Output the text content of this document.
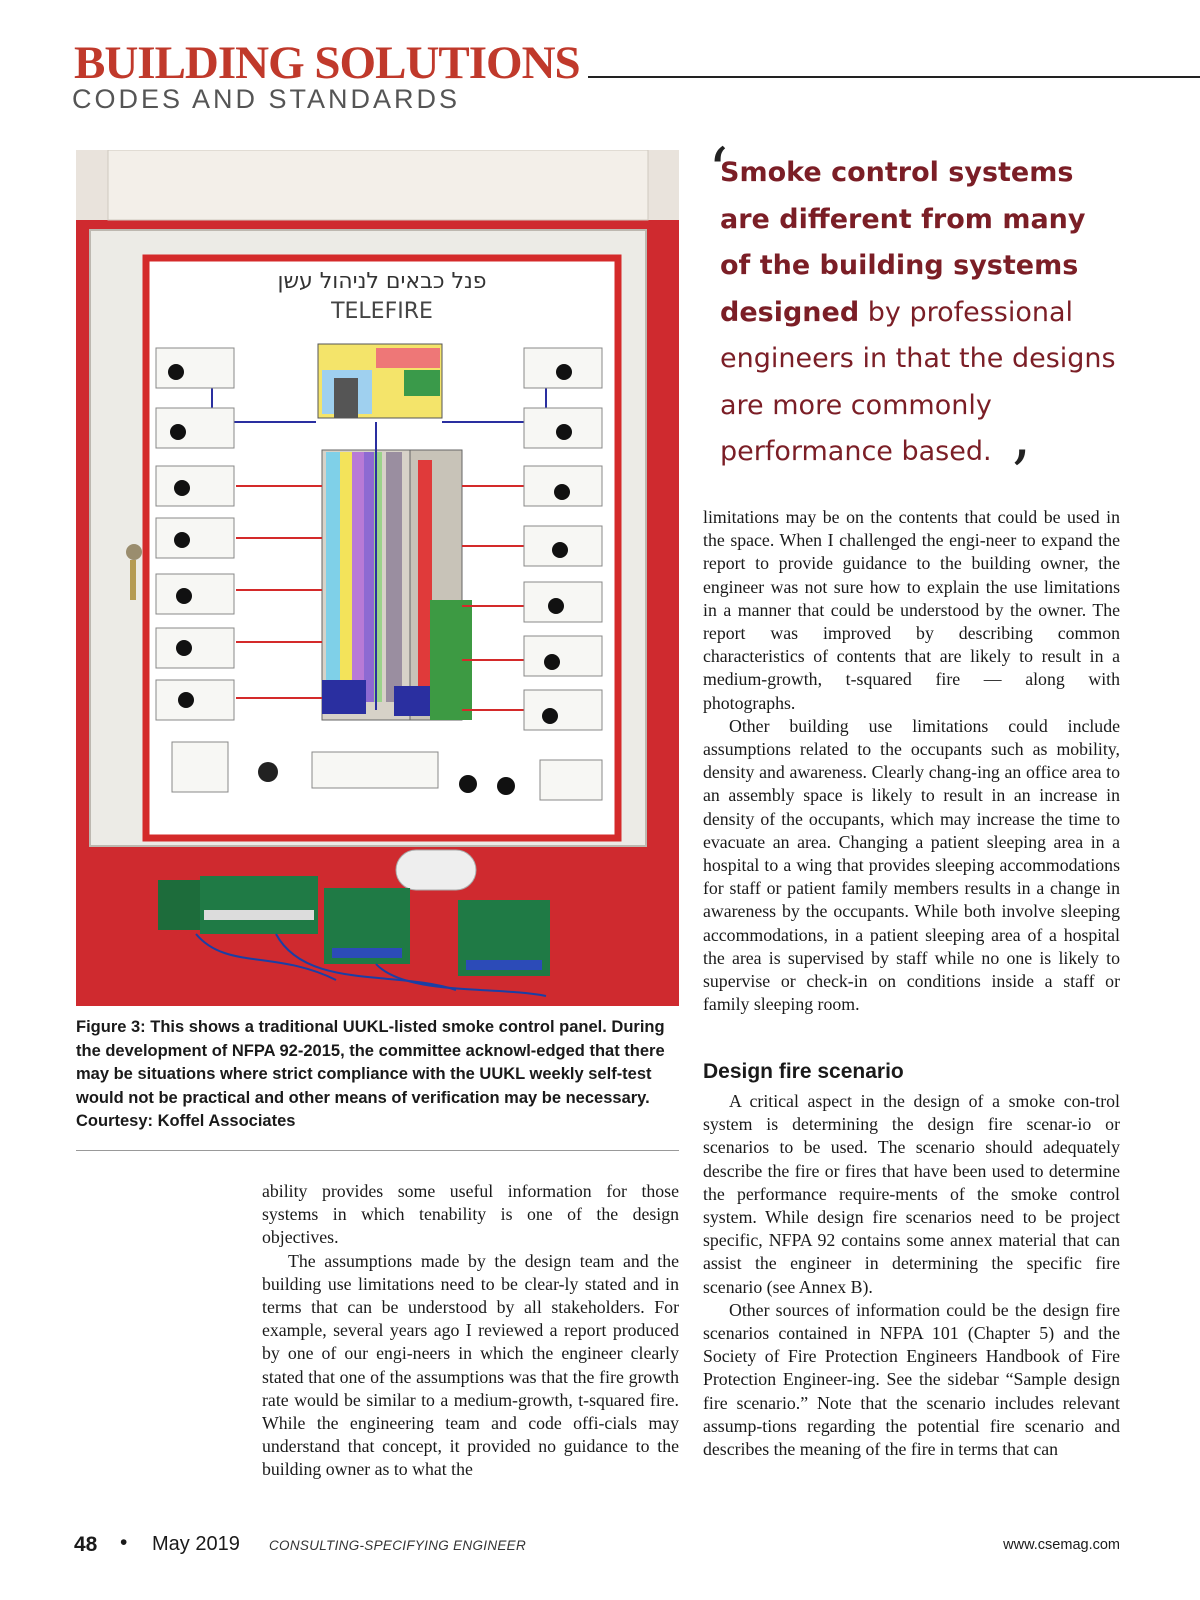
BUILDING SOLUTIONS
CODES AND STANDARDS
פנל כבאים לניהול עשן
TELEFIRE
Figure 3: This shows a traditional UUKL-listed smoke control panel. During the development of NFPA 92-2015, the committee acknowl-edged that there may be situations where strict compliance with the UUKL weekly self-test would not be practical and other means of verification may be necessary. Courtesy: Koffel Associates
‘
Smoke control systems
are different from many
of the building systems
designed by professional
engineers in that the designs
are more commonly
performance based. ’

ability provides some useful information for those systems in which tenability is one of the design objectives.

The assumptions made by the design team and the building use limitations need to be clear-ly stated and in terms that can be understood by all stakeholders. For example, several years ago I reviewed a report produced by one of our engi-neers in which the engineer clearly stated that one of the assumptions was that the fire growth rate would be similar to a medium-growth, t-squared fire. While the engineering team and code offi-cials may understand that concept, it provided no guidance to the building owner as to what the

limitations may be on the contents that could be used in the space. When I challenged the engi-neer to expand the report to provide guidance to the building owner, the engineer was not sure how to explain the use limitations in a manner that could be understood by the owner. The report was improved by describing common characteristics of contents that are likely to result in a medium-growth, t-squared fire — along with photographs.

Other building use limitations could include assumptions related to the occupants such as mobility, density and awareness. Clearly chang-ing an office area to an assembly space is likely to result in an increase in density of the occupants, which may increase the time to evacuate an area. Changing a patient sleeping area in a hospital to a wing that provides sleeping accommodations for staff or patient family members results in a change in awareness by the occupants. While both involve sleeping accommodations, in a patient sleeping area of a hospital the area is supervised by staff while no one is likely to supervise or check-in on conditions inside a staff or family sleeping room.

Design fire scenario

A critical aspect in the design of a smoke con-trol system is determining the design fire scenar-io or scenarios to be used. The scenario should adequately describe the fire or fires that have been used to determine the performance require-ments of the smoke control system. While design fire scenarios need to be project specific, NFPA 92 contains some annex material that can assist the engineer in determining the specific fire scenario (see Annex B).

Other sources of information could be the design fire scenarios contained in NFPA 101 (Chapter 5) and the Society of Fire Protection Engineers Handbook of Fire Protection Engineer-ing. See the sidebar “Sample design fire scenario.” Note that the scenario includes relevant assump-tions regarding the potential fire scenario and describes the meaning of the fire in terms that can

48 • May 2019 CONSULTING-SPECIFYING ENGINEER	www.csemag.com
